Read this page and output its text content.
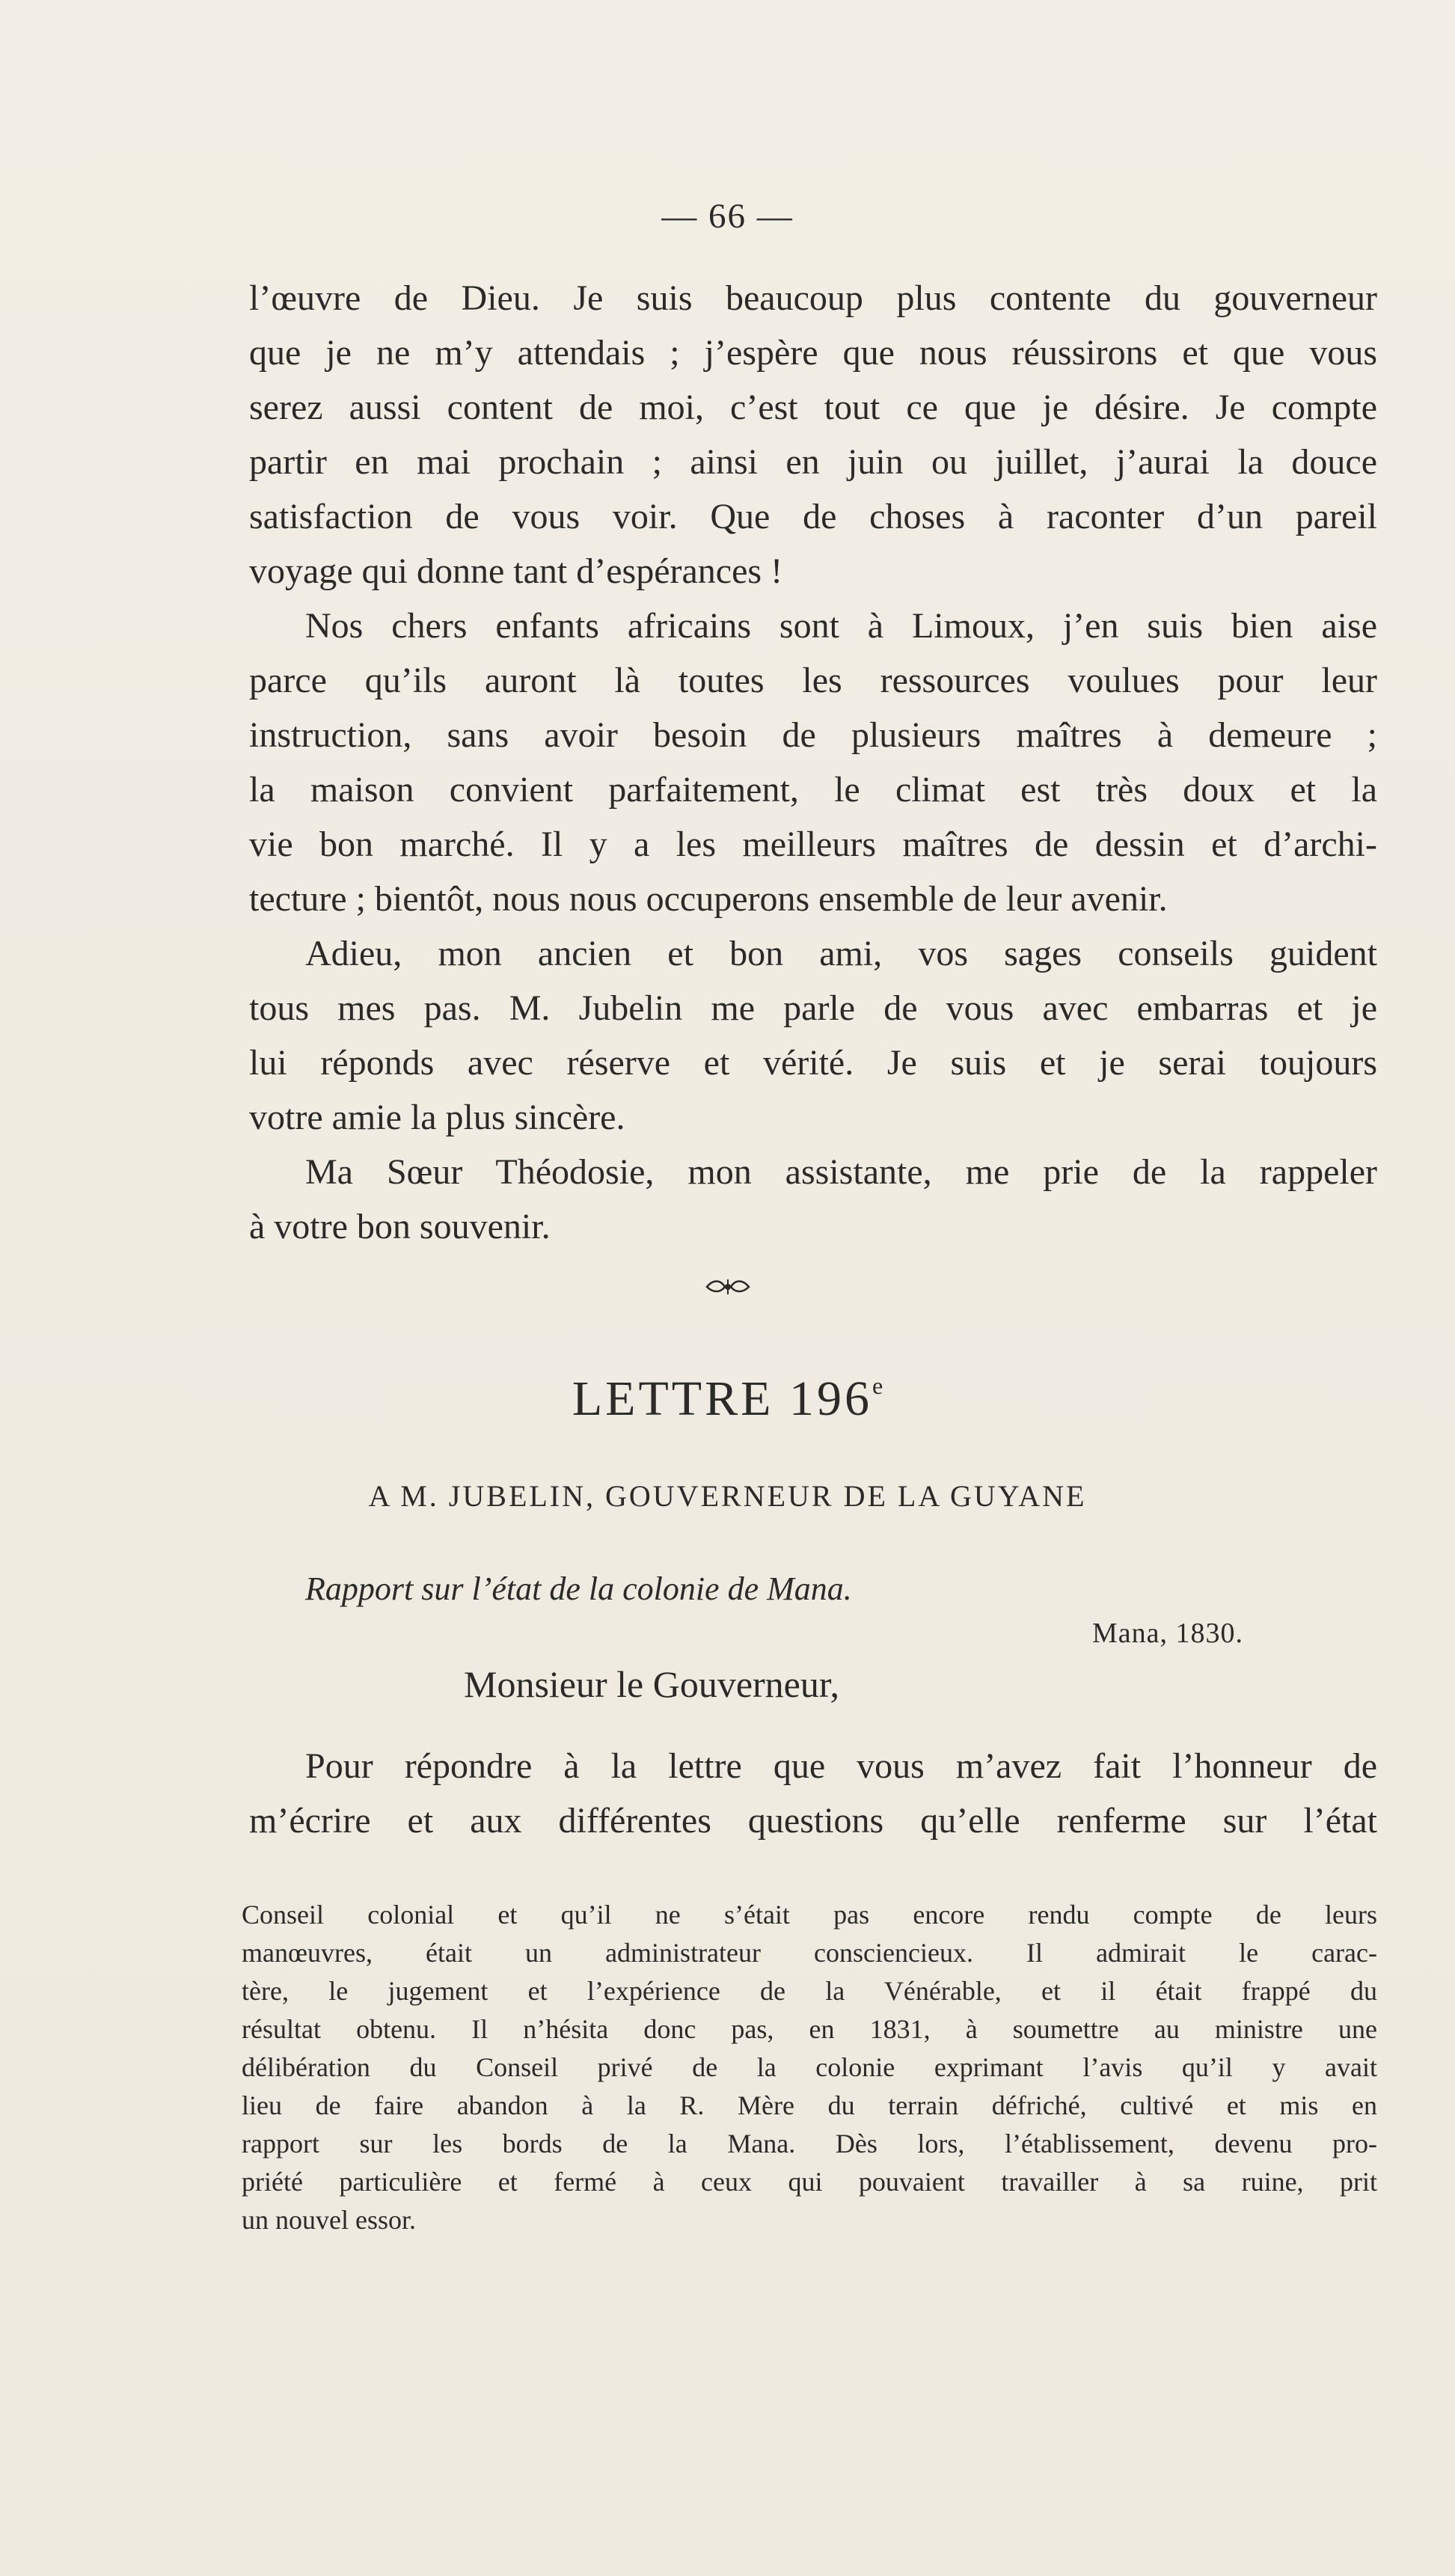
— 66 —
l’œuvre de Dieu. Je suis beaucoup plus contente du gouverneur
que je ne m’y attendais ; j’espère que nous réussirons et que vous
serez aussi content de moi, c’est tout ce que je désire. Je compte
partir en mai prochain ; ainsi en juin ou juillet, j’aurai la douce
satisfaction de vous voir. Que de choses à raconter d’un pareil
voyage qui donne tant d’espérances !
Nos chers enfants africains sont à Limoux, j’en suis bien aise
parce qu’ils auront là toutes les ressources voulues pour leur
instruction, sans avoir besoin de plusieurs maîtres à demeure ;
la maison convient parfaitement, le climat est très doux et la
vie bon marché. Il y a les meilleurs maîtres de dessin et d’archi-
tecture ; bientôt, nous nous occuperons ensemble de leur avenir.
Adieu, mon ancien et bon ami, vos sages conseils guident
tous mes pas. M. Jubelin me parle de vous avec embarras et je
lui réponds avec réserve et vérité. Je suis et je serai toujours
votre amie la plus sincère.
Ma Sœur Théodosie, mon assistante, me prie de la rappeler
à votre bon souvenir.
LETTRE 196e
A M. JUBELIN, GOUVERNEUR DE LA GUYANE
Rapport sur l’état de la colonie de Mana.
Mana, 1830.
Monsieur le Gouverneur,
Pour répondre à la lettre que vous m’avez fait l’honneur de
m’écrire et aux différentes questions qu’elle renferme sur l’état
Conseil colonial et qu’il ne s’était pas encore rendu compte de leurs
manœuvres, était un administrateur consciencieux. Il admirait le carac-
tère, le jugement et l’expérience de la Vénérable, et il était frappé du
résultat obtenu. Il n’hésita donc pas, en 1831, à soumettre au ministre une
délibération du Conseil privé de la colonie exprimant l’avis qu’il y avait
lieu de faire abandon à la R. Mère du terrain défriché, cultivé et mis en
rapport sur les bords de la Mana. Dès lors, l’établissement, devenu pro-
priété particulière et fermé à ceux qui pouvaient travailler à sa ruine, prit
un nouvel essor.
